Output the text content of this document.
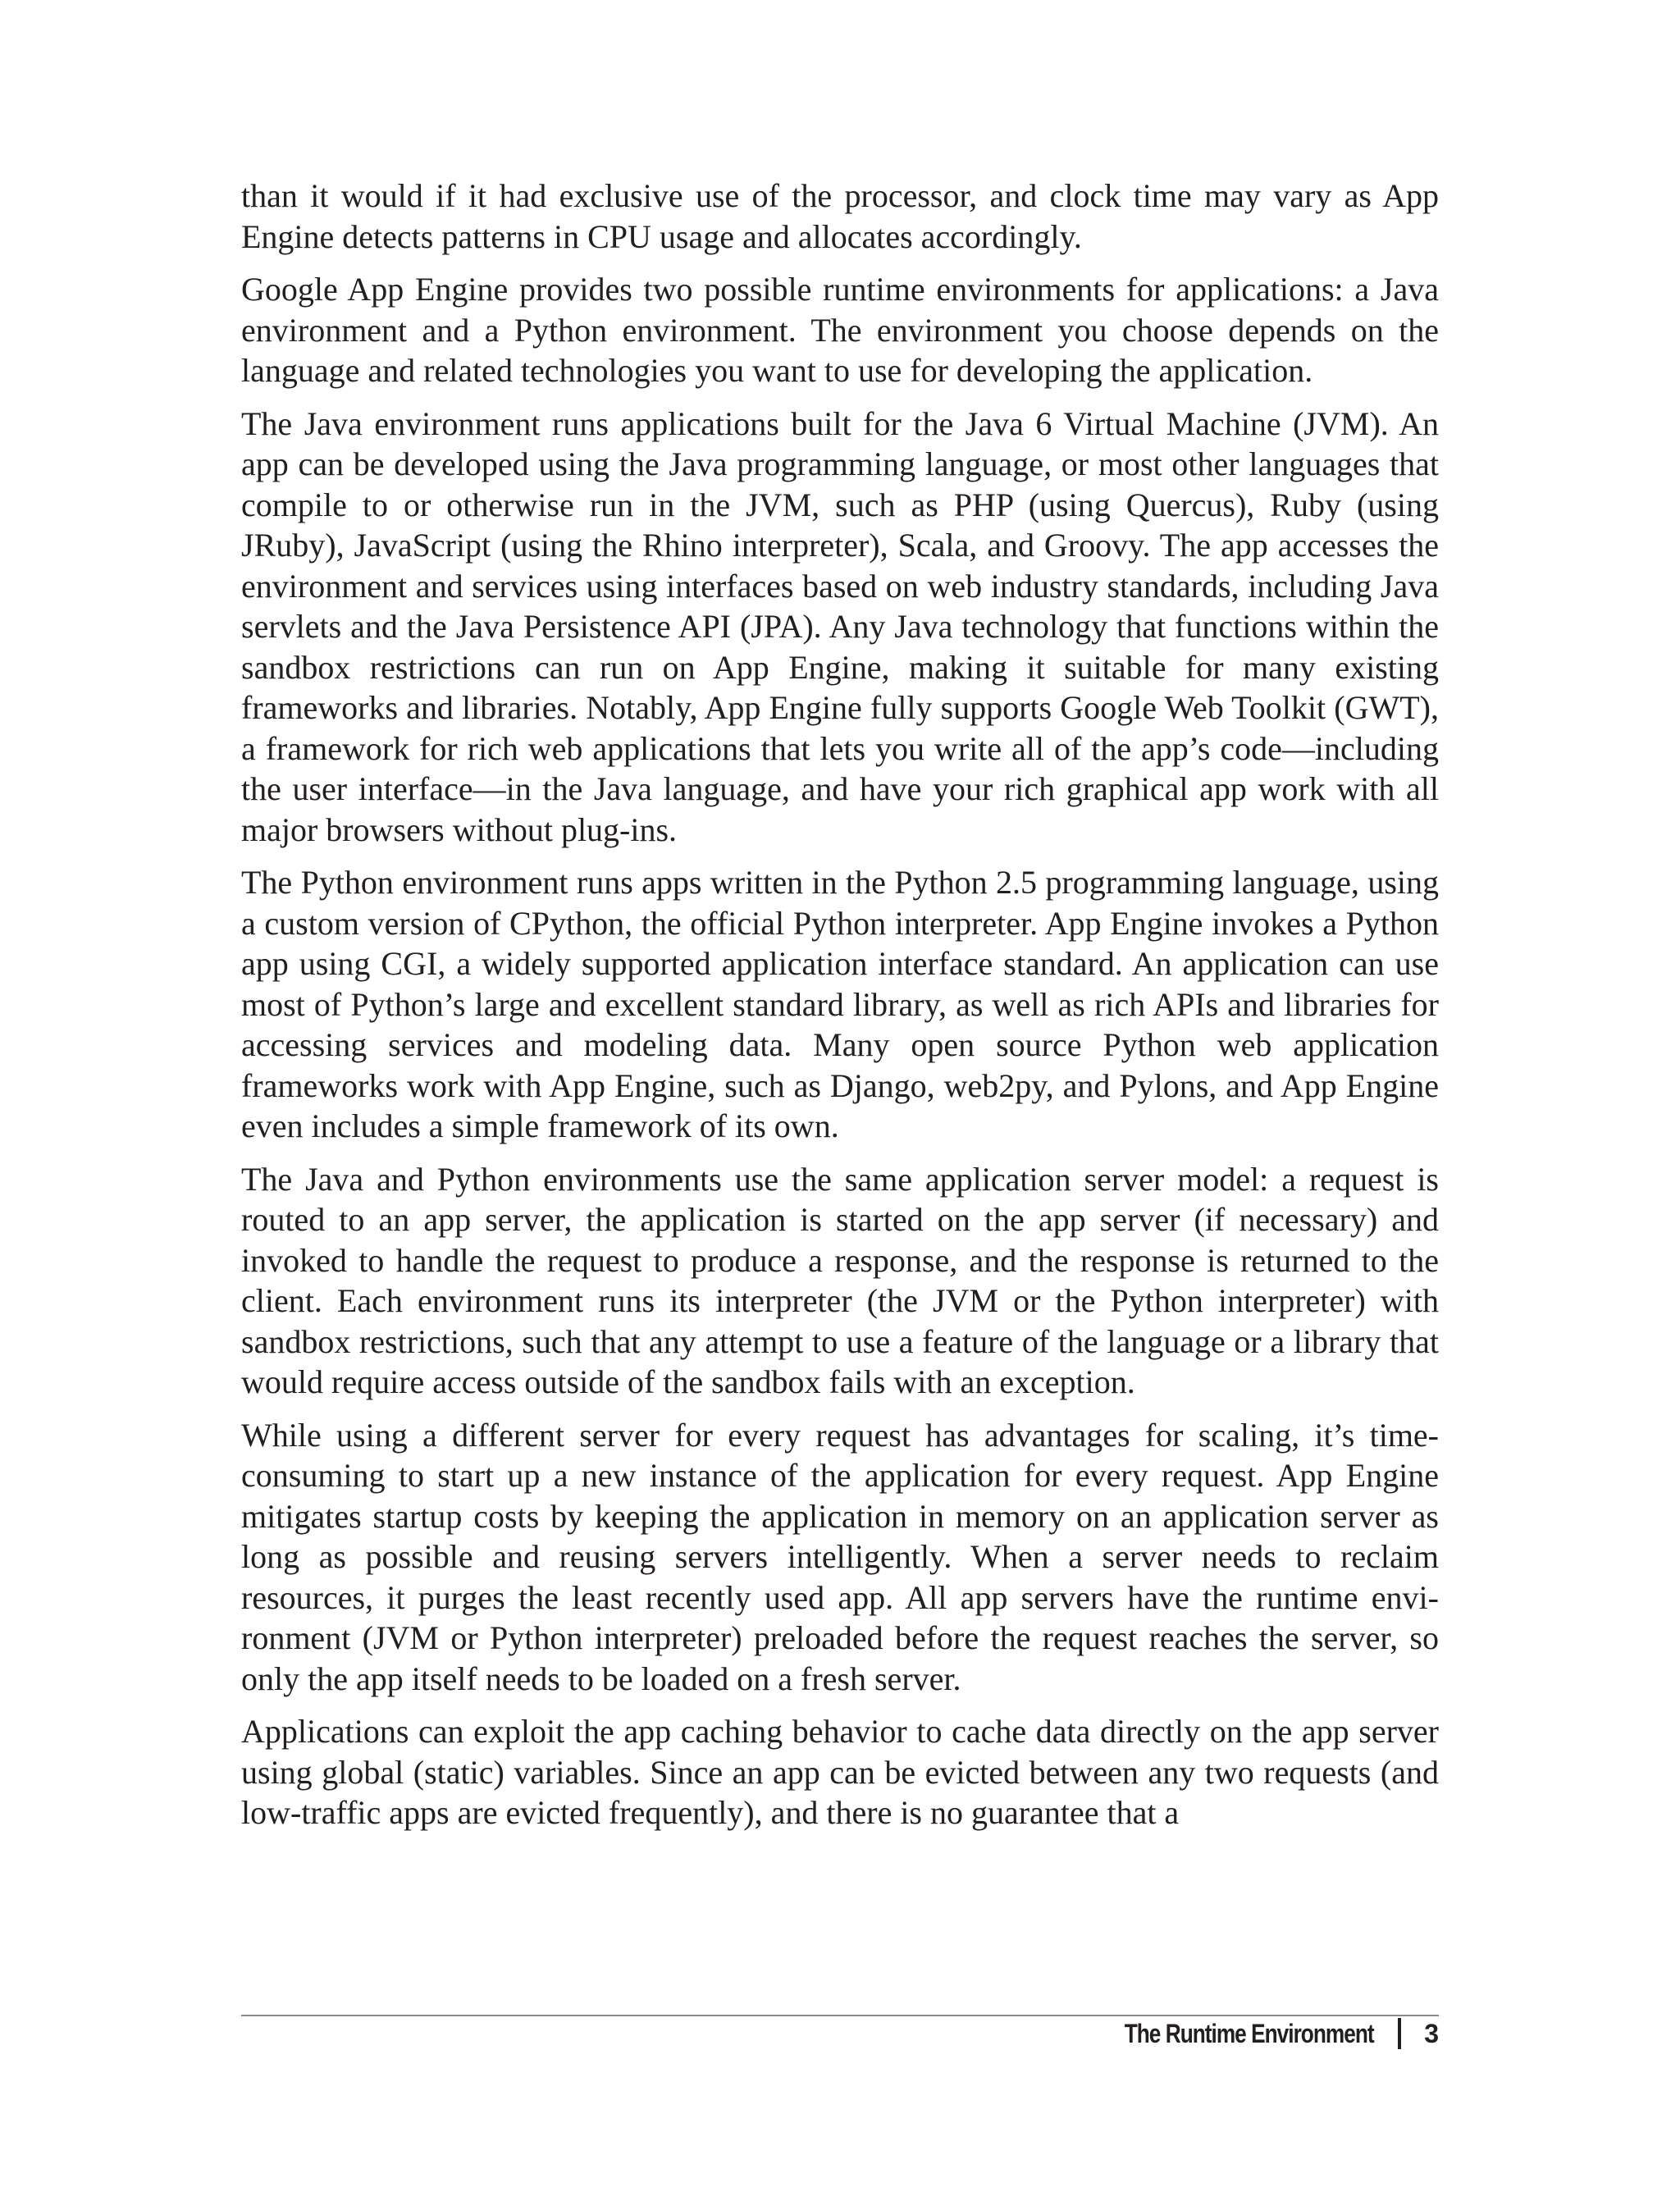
than it would if it had exclusive use of the processor, and clock time may vary as App Engine detects patterns in CPU usage and allocates accordingly.

Google App Engine provides two possible runtime environments for applications: a Java environment and a Python environment. The environment you choose depends on the language and related technologies you want to use for developing the application.

The Java environment runs applications built for the Java 6 Virtual Machine (JVM). An app can be developed using the Java programming language, or most other languages that compile to or otherwise run in the JVM, such as PHP (using Quercus), Ruby (using JRuby), JavaScript (using the Rhino interpreter), Scala, and Groovy. The app accesses the environment and services using interfaces based on web industry standards, including Java servlets and the Java Persistence API (JPA). Any Java technology that functions within the sandbox restrictions can run on App Engine, making it suitable for many existing frameworks and libraries. Notably, App Engine fully supports Google Web Toolkit (GWT), a framework for rich web applications that lets you write all of the app’s code—including the user interface—in the Java language, and have your rich graphical app work with all major browsers without plug-ins.

The Python environment runs apps written in the Python 2.5 programming language, using a custom version of CPython, the official Python interpreter. App Engine invokes a Python app using CGI, a widely supported application interface standard. An application can use most of Python’s large and excellent standard library, as well as rich APIs and libraries for accessing services and modeling data. Many open source Python web application frameworks work with App Engine, such as Django, web2py, and Pylons, and App Engine even includes a simple framework of its own.

The Java and Python environments use the same application server model: a request is routed to an app server, the application is started on the app server (if necessary) and invoked to handle the request to produce a response, and the response is returned to the client. Each environment runs its interpreter (the JVM or the Python interpreter) with sandbox restrictions, such that any attempt to use a feature of the language or a library that would require access outside of the sandbox fails with an exception.

While using a different server for every request has advantages for scaling, it’s time-consuming to start up a new instance of the application for every request. App Engine mitigates startup costs by keeping the application in memory on an application server as long as possible and reusing servers intelligently. When a server needs to reclaim resources, it purges the least recently used app. All app servers have the runtime environment (JVM or Python interpreter) preloaded before the request reaches the server, so only the app itself needs to be loaded on a fresh server.

Applications can exploit the app caching behavior to cache data directly on the app server using global (static) variables. Since an app can be evicted between any two requests (and low-traffic apps are evicted frequently), and there is no guarantee that a

The Runtime Environment 3
